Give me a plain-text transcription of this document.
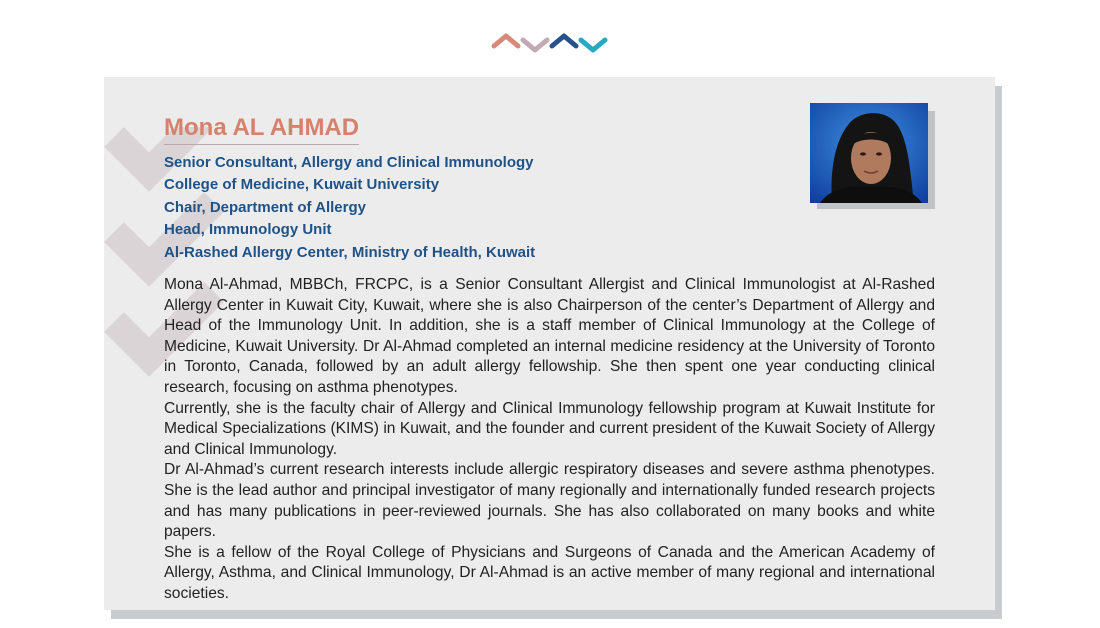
Mona AL AHMAD
Senior Consultant, Allergy and Clinical Immunology
College of Medicine, Kuwait University
Chair, Department of Allergy
Head, Immunology Unit
Al-Rashed Allergy Center, Ministry of Health, Kuwait

Mona Al-Ahmad, MBBCh, FRCPC, is a Senior Consultant Allergist and Clinical Immunologist at Al-Rashed Allergy Center in Kuwait City, Kuwait, where she is also Chairperson of the center’s Department of Allergy and Head of the Immunology Unit. In addition, she is a staff member of Clinical Immunology at the College of Medicine, Kuwait University. Dr Al-Ahmad completed an internal medicine residency at the University of Toronto in Toronto, Canada, followed by an adult allergy fellowship. She then spent one year conducting clinical research, focusing on asthma phenotypes.

Currently, she is the faculty chair of Allergy and Clinical Immunology fellowship program at Kuwait Institute for Medical Specializations (KIMS) in Kuwait, and the founder and current president of the Kuwait Society of Allergy and Clinical Immunology.

Dr Al-Ahmad’s current research interests include allergic respiratory diseases and severe asthma phenotypes. She is the lead author and principal investigator of many regionally and internationally funded research projects and has many publications in peer-reviewed journals. She has also collaborated on many books and white papers.

She is a fellow of the Royal College of Physicians and Surgeons of Canada and the American Academy of Allergy, Asthma, and Clinical Immunology, Dr Al-Ahmad is an active member of many regional and international societies.
